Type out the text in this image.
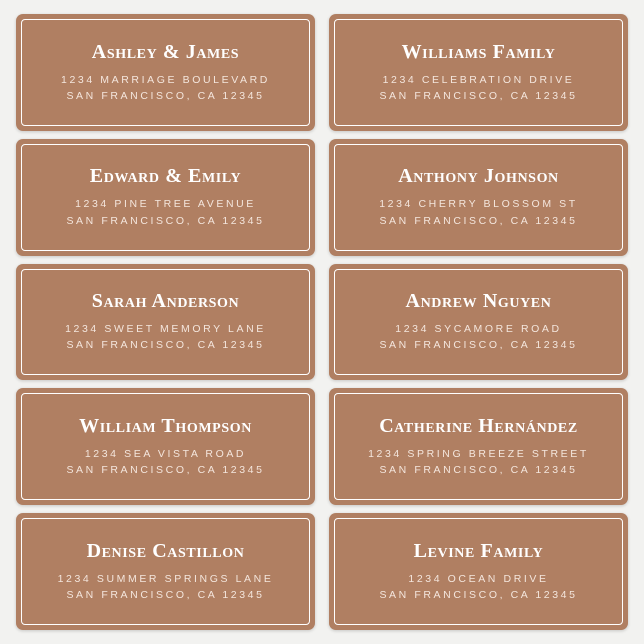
Ashley & James
1234 MARRIAGE BOULEVARD
SAN FRANCISCO, CA 12345
Williams Family
1234 CELEBRATION DRIVE
SAN FRANCISCO, CA 12345
Edward & Emily
1234 PINE TREE AVENUE
SAN FRANCISCO, CA 12345
Anthony Johnson
1234 CHERRY BLOSSOM ST
SAN FRANCISCO, CA 12345
Sarah Anderson
1234 SWEET MEMORY LANE
SAN FRANCISCO, CA 12345
Andrew Nguyen
1234 SYCAMORE ROAD
SAN FRANCISCO, CA 12345
William Thompson
1234 SEA VISTA ROAD
SAN FRANCISCO, CA 12345
Catherine Hernández
1234 SPRING BREEZE STREET
SAN FRANCISCO, CA 12345
Denise Castillon
1234 SUMMER SPRINGS LANE
SAN FRANCISCO, CA 12345
Levine Family
1234 OCEAN DRIVE
SAN FRANCISCO, CA 12345
